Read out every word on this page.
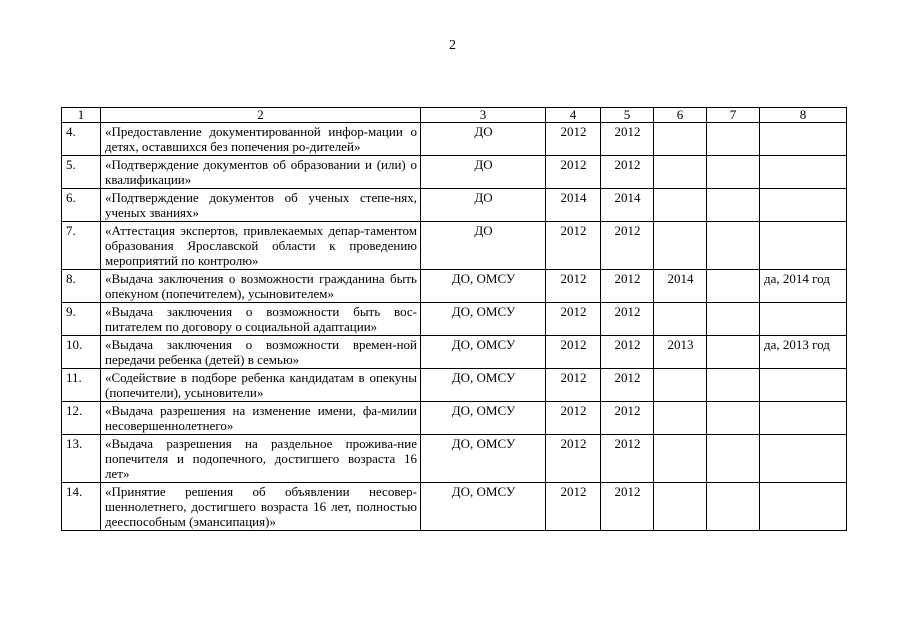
2
1	2	3	4	5	6	7	8
4.	«Предоставление документированной инфор-мации о детях, оставшихся без попечения ро-дителей»	ДО	2012	2012			
5.	«Подтверждение документов об образовании и (или) о квалификации»	ДО	2012	2012			
6.	«Подтверждение документов об ученых степе-нях, ученых званиях»	ДО	2014	2014			
7.	«Аттестация экспертов, привлекаемых депар-таментом образования Ярославской области к проведению мероприятий по контролю»	ДО	2012	2012			
8.	«Выдача заключения о возможности гражданина быть опекуном (попечителем), усыновителем»	ДО, ОМСУ	2012	2012	2014		да, 2014 год
9.	«Выдача заключения о возможности быть вос-питателем по договору о социальной адаптации»	ДО, ОМСУ	2012	2012			
10.	«Выдача заключения о возможности времен-ной передачи ребенка (детей) в семью»	ДО, ОМСУ	2012	2012	2013		да, 2013 год
11.	«Содействие в подборе ребенка кандидатам в опекуны (попечители), усыновители»	ДО, ОМСУ	2012	2012			
12.	«Выдача разрешения на изменение имени, фа-милии несовершеннолетнего»	ДО, ОМСУ	2012	2012			
13.	«Выдача разрешения на раздельное прожива-ние попечителя и подопечного, достигшего возраста 16 лет»	ДО, ОМСУ	2012	2012			
14.	«Принятие решения об объявлении несовер-шеннолетнего, достигшего возраста 16 лет, полностью дееспособным (эмансипация)»	ДО, ОМСУ	2012	2012			
